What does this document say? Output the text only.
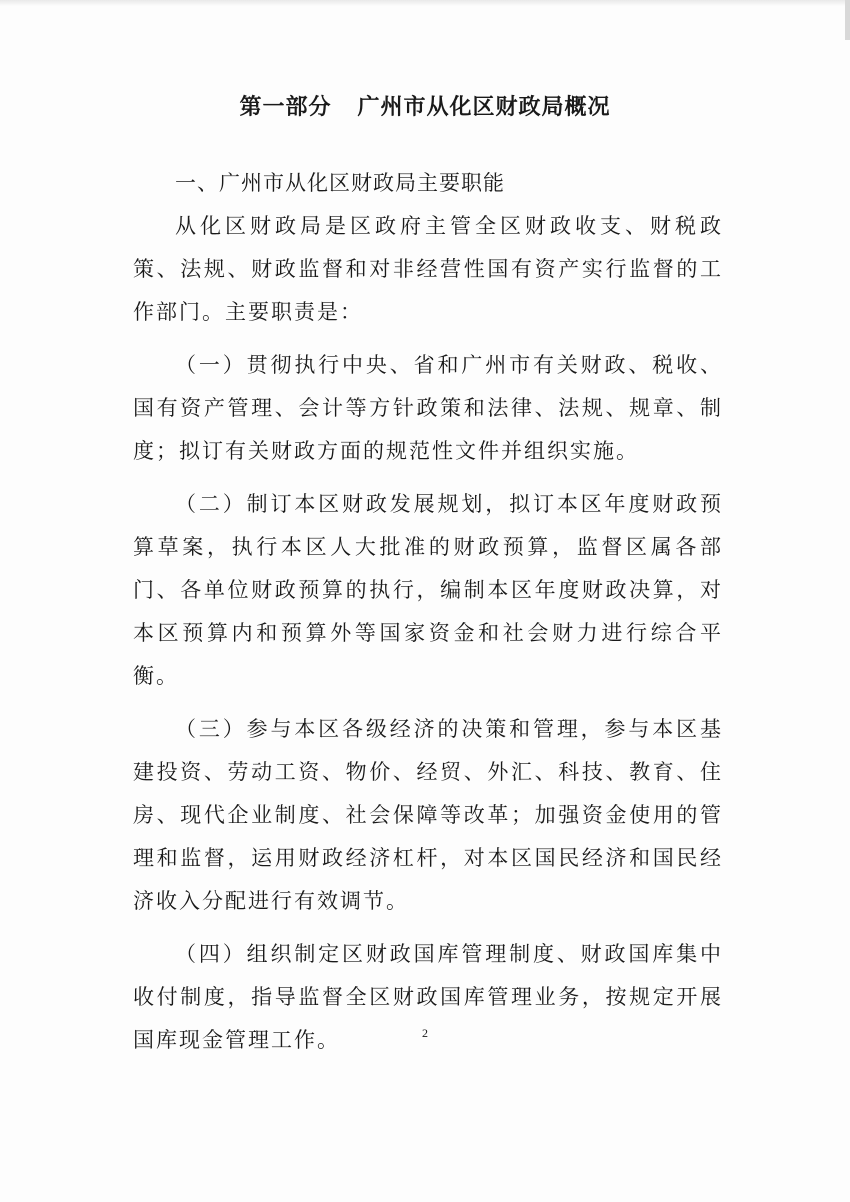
第一部分 广州市从化区财政局概况

一、广州市从化区财政局主要职能

从化区财政局是区政府主管全区财政收支、财税政策、法规、财政监督和对非经营性国有资产实行监督的工作部门。主要职责是：

（一）贯彻执行中央、省和广州市有关财政、税收、国有资产管理、会计等方针政策和法律、法规、规章、制度；拟订有关财政方面的规范性文件并组织实施。

（二）制订本区财政发展规划，拟订本区年度财政预算草案，执行本区人大批准的财政预算，监督区属各部门、各单位财政预算的执行，编制本区年度财政决算，对本区预算内和预算外等国家资金和社会财力进行综合平衡。

（三）参与本区各级经济的决策和管理，参与本区基建投资、劳动工资、物价、经贸、外汇、科技、教育、住房、现代企业制度、社会保障等改革；加强资金使用的管理和监督，运用财政经济杠杆，对本区国民经济和国民经济收入分配进行有效调节。

（四）组织制定区财政国库管理制度、财政国库集中收付制度，指导监督全区财政国库管理业务，按规定开展国库现金管理工作。	2
